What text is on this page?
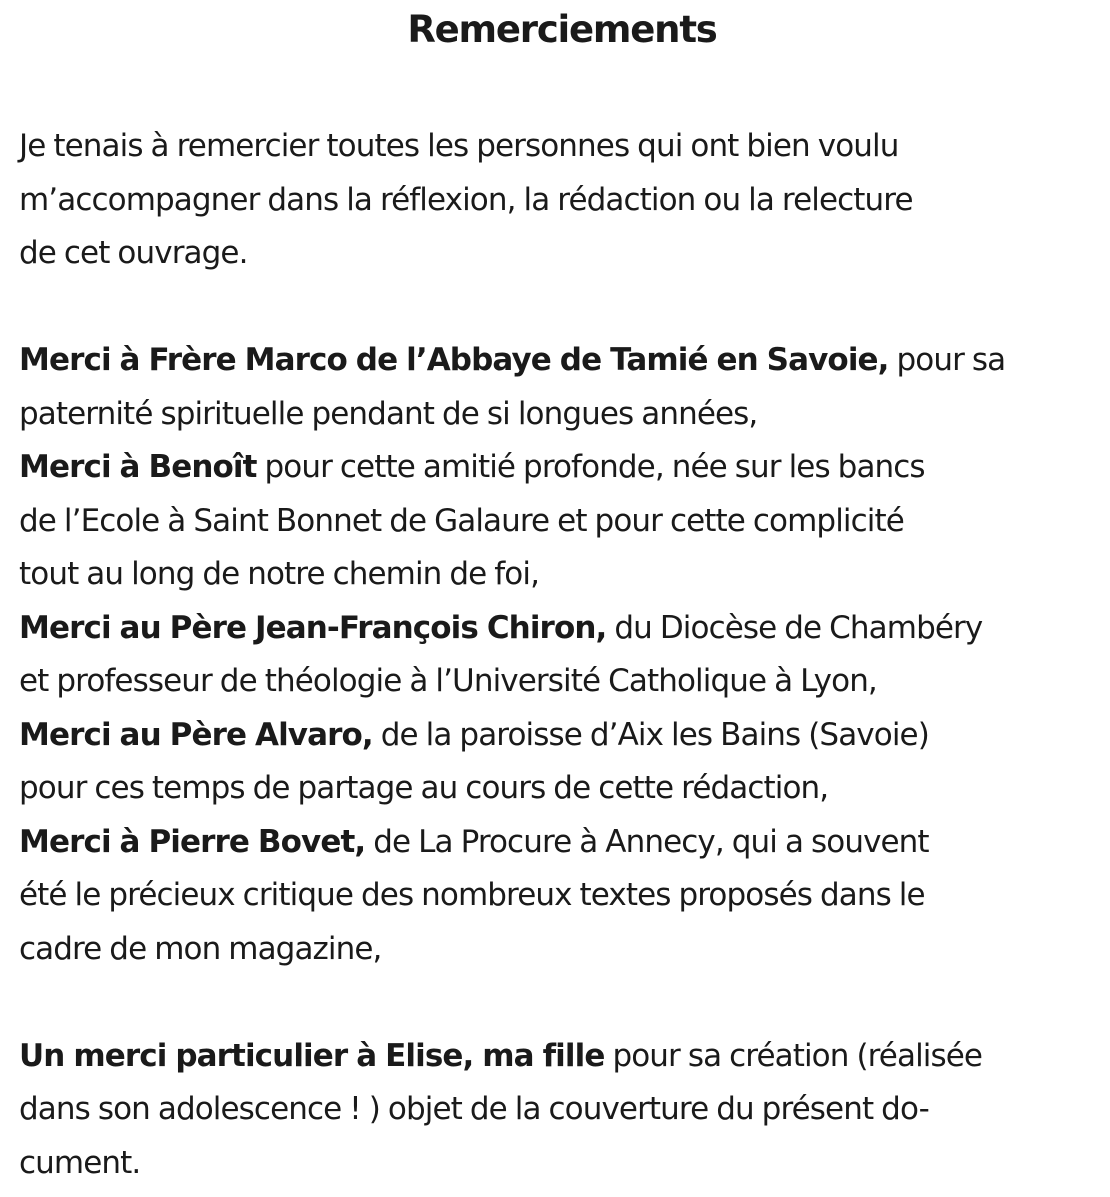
Remerciements
Je tenais à remercier toutes les personnes qui ont bien voulu
m’accompagner dans la réflexion, la rédaction ou la relecture
de cet ouvrage.
Merci à Frère Marco de l’Abbaye de Tamié en Savoie, pour sa
paternité spirituelle pendant de si longues années,
Merci à Benoît pour cette amitié profonde, née sur les bancs
de l’Ecole à Saint Bonnet de Galaure et pour cette complicité
tout au long de notre chemin de foi,
Merci au Père Jean-François Chiron, du Diocèse de Chambéry
et professeur de théologie à l’Université Catholique à Lyon,
Merci au Père Alvaro, de la paroisse d’Aix les Bains (Savoie)
pour ces temps de partage au cours de cette rédaction,
Merci à Pierre Bovet, de La Procure à Annecy, qui a souvent
été le précieux critique des nombreux textes proposés dans le
cadre de mon magazine,
Un merci particulier à Elise, ma fille pour sa création (réalisée
dans son adolescence ! ) objet de la couverture du présent do-
cument.
